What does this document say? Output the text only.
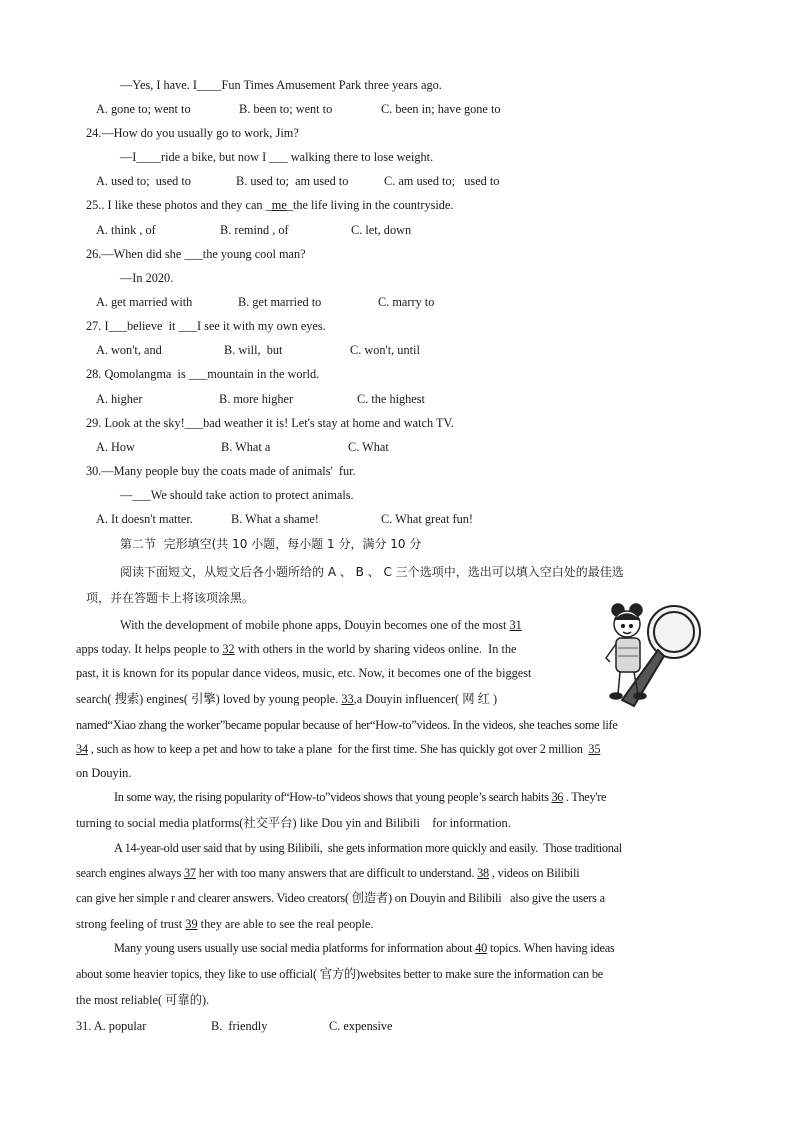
—Yes, I have. I____Fun Times Amusement Park three years ago.
A. gone to; went to	B. been to; went to	C. been in; have gone to
24.—How do you usually go to work, Jim?
—I____ride a bike, but now I ___ walking there to lose weight.
A. used to;  used to	B. used to;  am used to	C. am used to;   used to
25.. I like these photos and they can _me_the life living in the countryside.
A. think , of	B. remind , of	C. let, down
26.—When did she ___the young cool man?
—In 2020.
A. get married with	B. get married to	C. marry to
27. I___believe  it ___I see it with my own eyes.
A. won't, and	B. will,  but	C. won't, until
28. Qomolangma  is ___mountain in the world.
A. higher	B. more higher	C. the highest
29. Look at the sky!___bad weather it is! Let's stay at home and watch TV.
A. How	B. What a	C. What
30.—Many people buy the coats made of animals'  fur.
—___We should take action to protect animals.
A. It doesn't matter.	B. What a shame!	C. What great fun!
第二节  完形填空(共 10 小题，每小题 1 分，满分 10 分
阅读下面短文，从短文后各小题所给的 A 、 B 、 C 三个选项中，选出可以填入空白处的最佳选
项，并在答题卡上将该项涂黑。
With the development of mobile phone apps, Douyin becomes one of the most 31
apps today. It helps people to 32 with others in the world by sharing videos online.  In the
past, it is known for its popular dance videos, music, etc. Now, it becomes one of the biggest
search( 搜索) engines( 引擎) loved by young people. 33,a Douyin influencer( 网 红 )
named“Xiao zhang the worker”became popular because of her“How-to”videos. In the videos, she teaches some life
34 , such as how to keep a pet and how to take a plane  for the first time. She has quickly got over 2 million  35
on Douyin.
In some way, the rising popularity of“How-to”videos shows that young people’s search habits 36 . They're
turning to social media platforms(社交平台) like Dou yin and Bilibili    for information.
A 14-year-old user said that by using Bilibili,  she gets information more quickly and easily.  Those traditional
search engines always 37 her with too many answers that are difficult to understand. 38 , videos on Bilibili
can give her simple r and clearer answers. Video creators( 创造者) on Douyin and Bilibili   also give the users a
strong feeling of trust 39 they are able to see the real people.
Many young users usually use social media platforms for information about 40 topics. When having ideas
about some heavier topics, they like to use official( 官方的)websites better to make sure the information can be
the most reliable( 可靠的).
31. A. popular	B.  friendly	C. expensive
